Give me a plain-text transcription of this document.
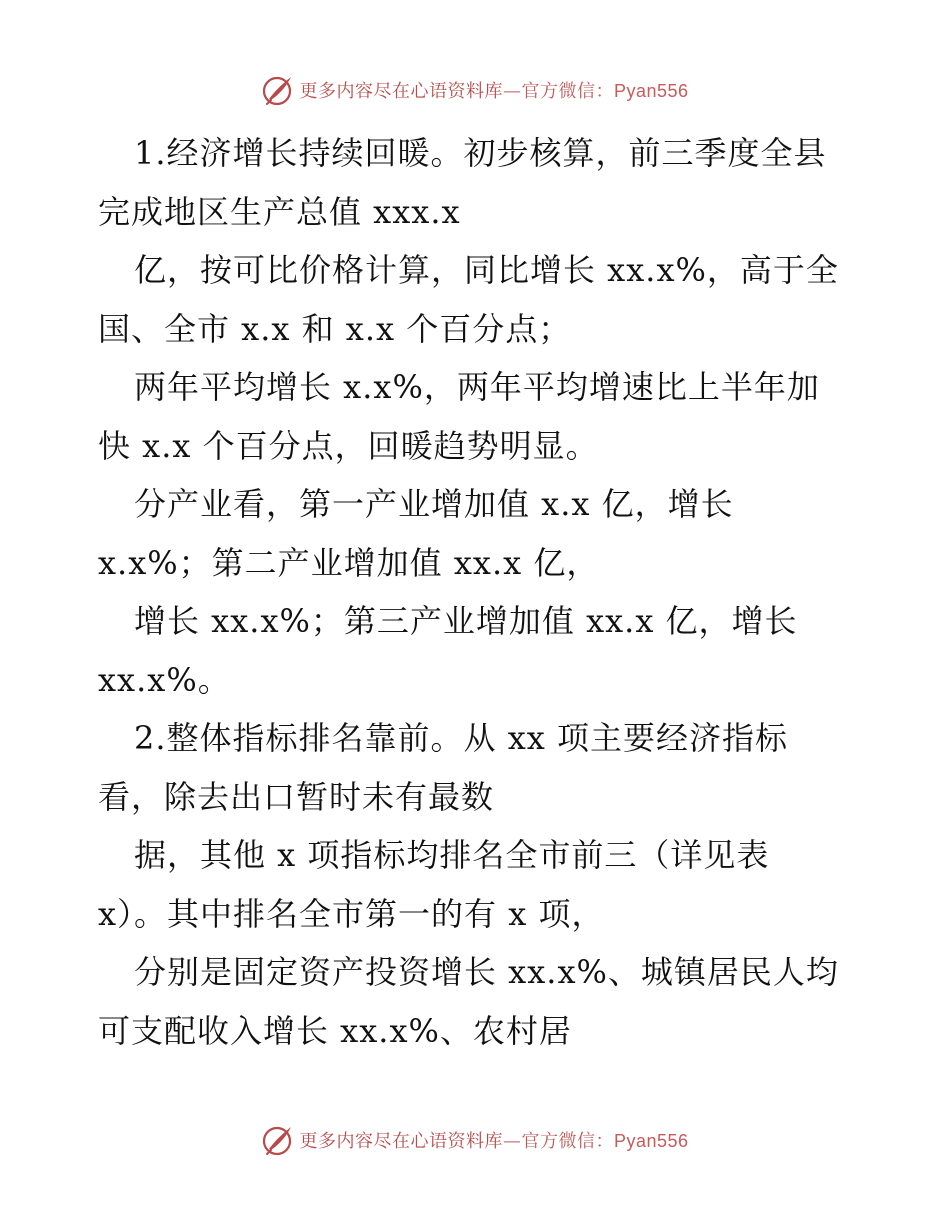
更多内容尽在心语资料库—官方微信：Pyan556
1.经济增长持续回暖。初步核算，前三季度全县
完成地区生产总值 xxx.x
亿，按可比价格计算，同比增长 xx.x%，高于全
国、全市 x.x 和 x.x 个百分点；
两年平均增长 x.x%，两年平均增速比上半年加
快 x.x 个百分点，回暖趋势明显。
分产业看，第一产业增加值 x.x 亿，增长
x.x%；第二产业增加值 xx.x 亿，
增长 xx.x%；第三产业增加值 xx.x 亿，增长
xx.x%。
2.整体指标排名靠前。从 xx 项主要经济指标
看，除去出口暂时未有最数
据，其他 x 项指标均排名全市前三（详见表
x）。其中排名全市第一的有 x 项，
分别是固定资产投资增长 xx.x%、城镇居民人均
可支配收入增长 xx.x%、农村居
更多内容尽在心语资料库—官方微信：Pyan556
